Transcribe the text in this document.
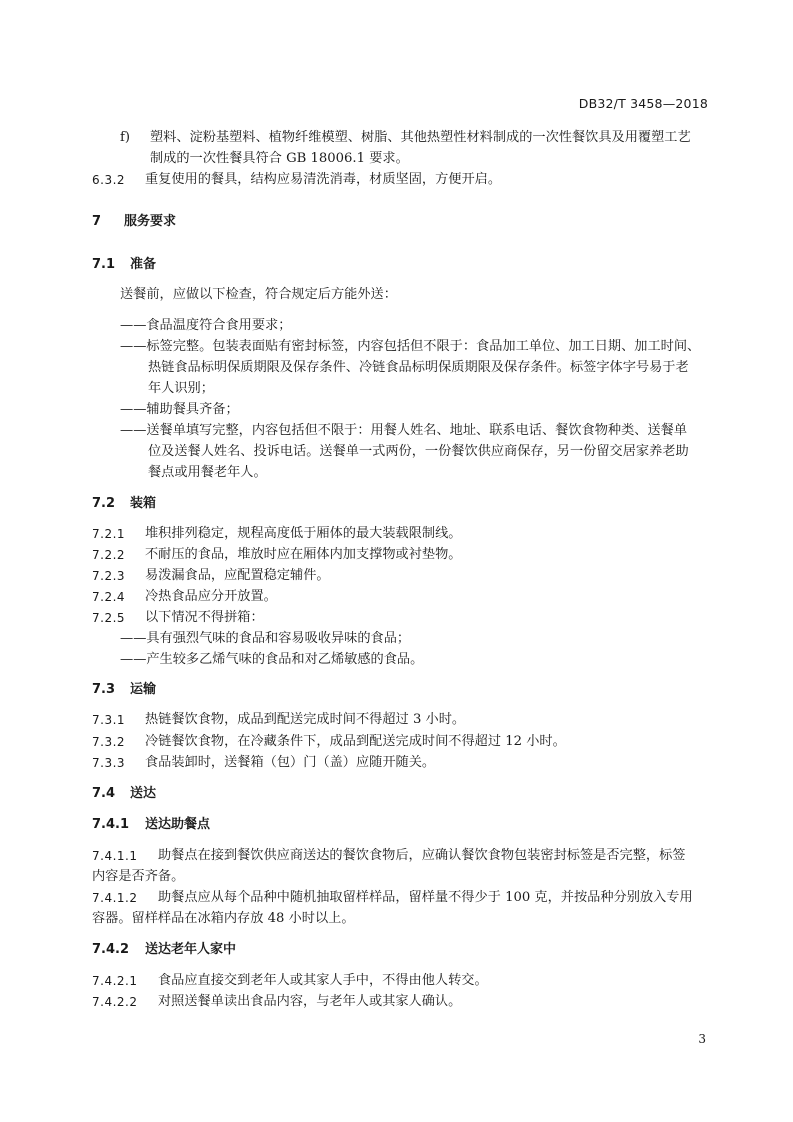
DB32/T 3458—2018
f) 塑料、淀粉基塑料、植物纤维模塑、树脂、其他热塑性材料制成的一次性餐饮具及用覆塑工艺
制成的一次性餐具符合 GB 18006.1 要求。
6.3.2 重复使用的餐具，结构应易清洗消毒，材质坚固，方便开启。
7 服务要求
7.1 准备
送餐前，应做以下检查，符合规定后方能外送：
——食品温度符合食用要求；
——标签完整。包装表面贴有密封标签，内容包括但不限于：食品加工单位、加工日期、加工时间、
热链食品标明保质期限及保存条件、冷链食品标明保质期限及保存条件。标签字体字号易于老
年人识别；
——辅助餐具齐备；
——送餐单填写完整，内容包括但不限于：用餐人姓名、地址、联系电话、餐饮食物种类、送餐单
位及送餐人姓名、投诉电话。送餐单一式两份，一份餐饮供应商保存，另一份留交居家养老助
餐点或用餐老年人。
7.2 装箱
7.2.1 堆积排列稳定，规程高度低于厢体的最大装载限制线。
7.2.2 不耐压的食品，堆放时应在厢体内加支撑物或衬垫物。
7.2.3 易泼漏食品，应配置稳定辅件。
7.2.4 冷热食品应分开放置。
7.2.5 以下情况不得拼箱：
——具有强烈气味的食品和容易吸收异味的食品；
——产生较多乙烯气味的食品和对乙烯敏感的食品。
7.3 运输
7.3.1 热链餐饮食物，成品到配送完成时间不得超过 3 小时。
7.3.2 冷链餐饮食物，在冷藏条件下，成品到配送完成时间不得超过 12 小时。
7.3.3 食品装卸时，送餐箱（包）门（盖）应随开随关。
7.4 送达
7.4.1 送达助餐点
7.4.1.1 助餐点在接到餐饮供应商送达的餐饮食物后，应确认餐饮食物包装密封标签是否完整，标签
内容是否齐备。
7.4.1.2 助餐点应从每个品种中随机抽取留样样品，留样量不得少于 100 克，并按品种分别放入专用
容器。留样样品在冰箱内存放 48 小时以上。
7.4.2 送达老年人家中
7.4.2.1 食品应直接交到老年人或其家人手中，不得由他人转交。
7.4.2.2 对照送餐单读出食品内容，与老年人或其家人确认。
3
